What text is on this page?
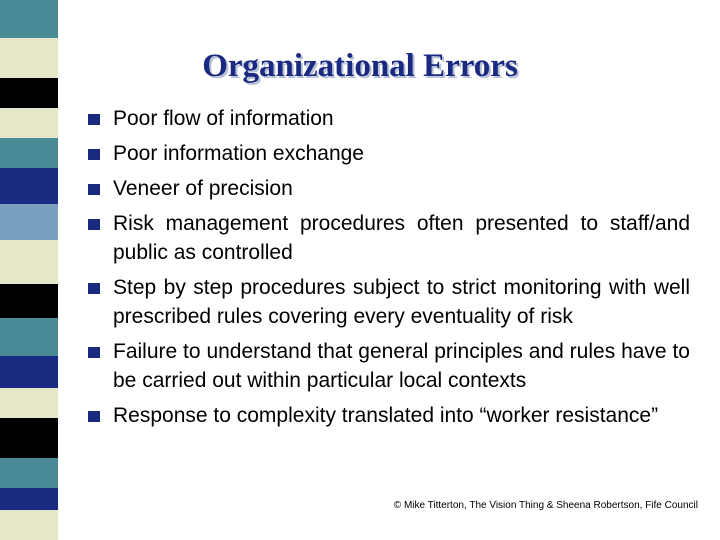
Organizational Errors
Poor flow of information
Poor information exchange
Veneer of precision
Risk management procedures often presented to staff/and public as controlled
Step by step procedures subject to strict monitoring with well prescribed rules covering every eventuality of risk
Failure to understand that general principles and rules have to be carried out within particular local contexts
Response to complexity translated into “worker resistance”
© Mike Titterton, The Vision Thing & Sheena Robertson, Fife Council
